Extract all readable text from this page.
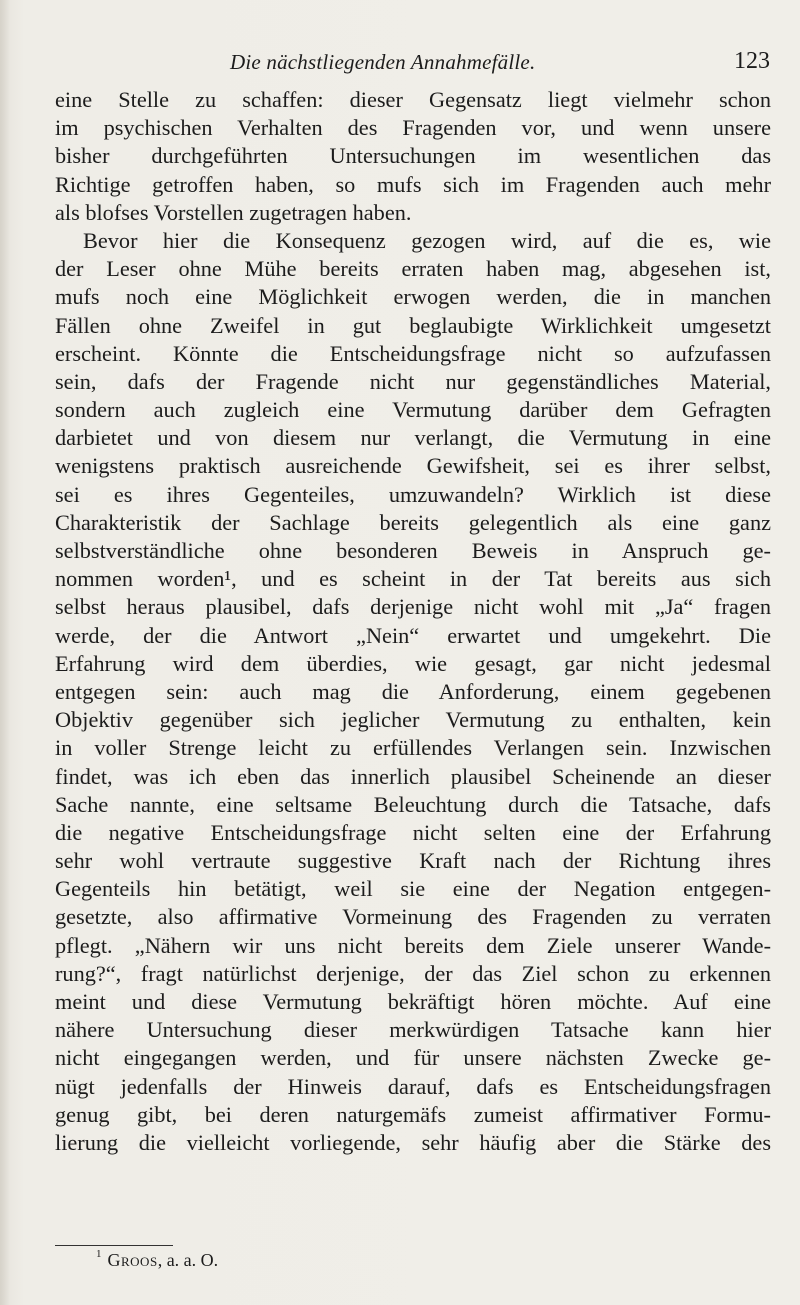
Die nächstliegenden Annahmefälle.	123
eine Stelle zu schaffen: dieser Gegensatz liegt vielmehr schon
im psychischen Verhalten des Fragenden vor, und wenn unsere
bisher durchgeführten Untersuchungen im wesentlichen das
Richtige getroffen haben, so mufs sich im Fragenden auch mehr
als blofses Vorstellen zugetragen haben.
Bevor hier die Konsequenz gezogen wird, auf die es, wie
der Leser ohne Mühe bereits erraten haben mag, abgesehen ist,
mufs noch eine Möglichkeit erwogen werden, die in manchen
Fällen ohne Zweifel in gut beglaubigte Wirklichkeit umgesetzt
erscheint. Könnte die Entscheidungsfrage nicht so aufzufassen
sein, dafs der Fragende nicht nur gegenständliches Material,
sondern auch zugleich eine Vermutung darüber dem Gefragten
darbietet und von diesem nur verlangt, die Vermutung in eine
wenigstens praktisch ausreichende Gewifsheit, sei es ihrer selbst,
sei es ihres Gegenteiles, umzuwandeln? Wirklich ist diese
Charakteristik der Sachlage bereits gelegentlich als eine ganz
selbstverständliche ohne besonderen Beweis in Anspruch ge-
nommen worden¹, und es scheint in der Tat bereits aus sich
selbst heraus plausibel, dafs derjenige nicht wohl mit „Ja“ fragen
werde, der die Antwort „Nein“ erwartet und umgekehrt. Die
Erfahrung wird dem überdies, wie gesagt, gar nicht jedesmal
entgegen sein: auch mag die Anforderung, einem gegebenen
Objektiv gegenüber sich jeglicher Vermutung zu enthalten, kein
in voller Strenge leicht zu erfüllendes Verlangen sein. Inzwischen
findet, was ich eben das innerlich plausibel Scheinende an dieser
Sache nannte, eine seltsame Beleuchtung durch die Tatsache, dafs
die negative Entscheidungsfrage nicht selten eine der Erfahrung
sehr wohl vertraute suggestive Kraft nach der Richtung ihres
Gegenteils hin betätigt, weil sie eine der Negation entgegen-
gesetzte, also affirmative Vormeinung des Fragenden zu verraten
pflegt. „Nähern wir uns nicht bereits dem Ziele unserer Wande-
rung?“, fragt natürlichst derjenige, der das Ziel schon zu erkennen
meint und diese Vermutung bekräftigt hören möchte. Auf eine
nähere Untersuchung dieser merkwürdigen Tatsache kann hier
nicht eingegangen werden, und für unsere nächsten Zwecke ge-
nügt jedenfalls der Hinweis darauf, dafs es Entscheidungsfragen
genug gibt, bei deren naturgemäfs zumeist affirmativer Formu-
lierung die vielleicht vorliegende, sehr häufig aber die Stärke des
$^1$ Groos, a. a. O.
